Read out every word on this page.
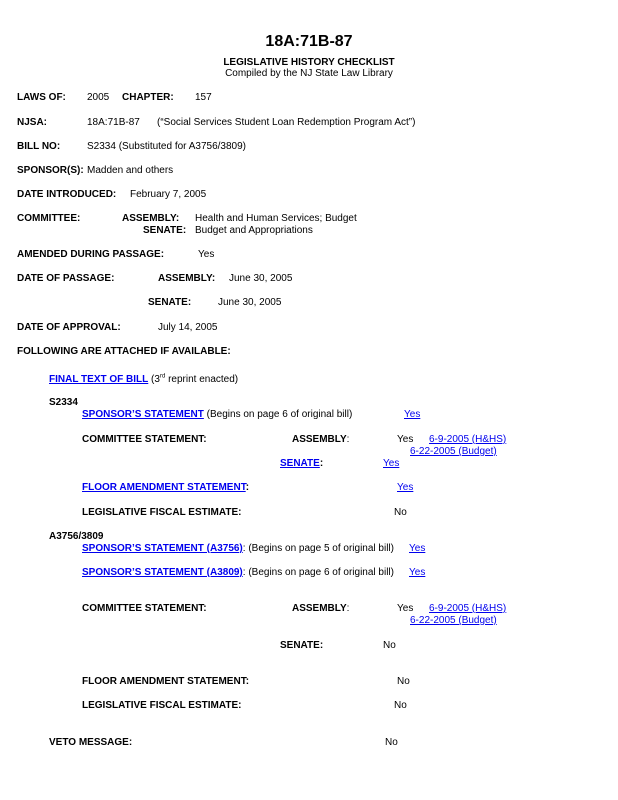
18A:71B-87
LEGISLATIVE HISTORY CHECKLIST
Compiled by the NJ State Law Library
LAWS OF: 2005 CHAPTER: 157
NJSA:	18A:71B-87 (“Social Services Student Loan Redemption Program Act”)
BILL NO:	S2334 (Substituted for A3756/3809)
SPONSOR(S): Madden and others
DATE INTRODUCED: February 7, 2005
COMMITTEE:	ASSEMBLY: Health and Human Services; Budget
SENATE: Budget and Appropriations
AMENDED DURING PASSAGE:	Yes
DATE OF PASSAGE:	ASSEMBLY: June 30, 2005
SENATE:	June 30, 2005
DATE OF APPROVAL:	July 14, 2005
FOLLOWING ARE ATTACHED IF AVAILABLE:
FINAL TEXT OF BILL (3rd reprint enacted)
S2334
SPONSOR’S STATEMENT (Begins on page 6 of original bill)	Yes
COMMITTEE STATEMENT:	ASSEMBLY:	Yes 6-9-2005 (H&HS)
6-22-2005 (Budget)
SENATE:	Yes
FLOOR AMENDMENT STATEMENT:	Yes
LEGISLATIVE FISCAL ESTIMATE:	No
A3756/3809
SPONSOR’S STATEMENT (A3756): (Begins on page 5 of original bill) Yes
SPONSOR’S STATEMENT (A3809): (Begins on page 6 of original bill) Yes
COMMITTEE STATEMENT:	ASSEMBLY:	Yes 6-9-2005 (H&HS)
6-22-2005 (Budget)
SENATE:	No
FLOOR AMENDMENT STATEMENT:	No
LEGISLATIVE FISCAL ESTIMATE:	No
VETO MESSAGE:	No
